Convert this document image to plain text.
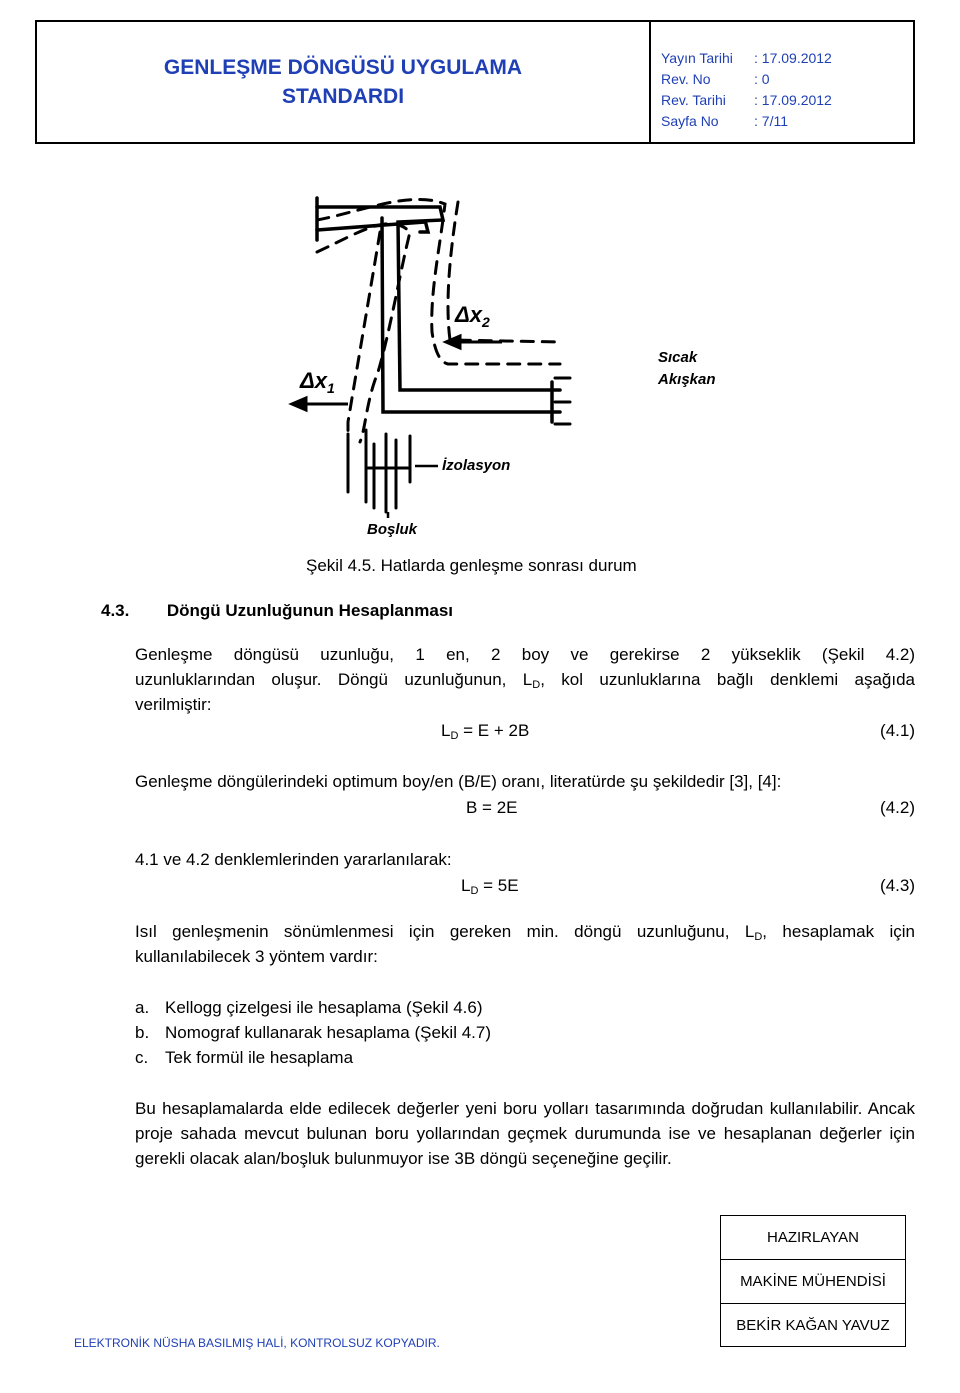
GENLEŞME DÖNGÜSÜ UYGULAMA STANDARDI
Yayın Tarihi	: 17.09.2012
Rev. No	: 0
Rev. Tarihi	: 17.09.2012
Sayfa No	: 7/11
$\Delta x_1$
$\Delta x_2$
Sıcak
Akışkan
İzolasyon
Boşluk
Şekil 4.5. Hatlarda genleşme sonrası durum
4.3. Döngü Uzunluğunun Hesaplanması
Genleşme döngüsü uzunluğu, 1 en, 2 boy ve gerekirse 2 yükseklik (Şekil 4.2)
uzunluklarından oluşur. Döngü uzunluğunun, $L_D$, kol uzunluklarına bağlı denklemi aşağıda
verilmiştir:
$L_D = E + 2B$	(4.1)
Genleşme döngülerindeki optimum boy/en (B/E) oranı, literatürde şu şekildedir [3], [4]:
B = 2E	(4.2)
4.1 ve 4.2 denklemlerinden yararlanılarak:
$L_D = 5E$	(4.3)
Isıl genleşmenin sönümlenmesi için gereken min. döngü uzunluğunu, $L_D$, hesaplamak için
kullanılabilecek 3 yöntem vardır:
a. Kellogg çizelgesi ile hesaplama (Şekil 4.6)
b. Nomograf kullanarak hesaplama (Şekil 4.7)
c. Tek formül ile hesaplama
Bu hesaplamalarda elde edilecek değerler yeni boru yolları tasarımında doğrudan kullanılabilir. Ancak proje sahada mevcut bulunan boru yollarından geçmek durumunda ise ve hesaplanan değerler için gerekli olacak alan/boşluk bulunmuyor ise 3B döngü seçeneğine geçilir.
HAZIRLAYAN
MAKİNE MÜHENDİSİ
BEKİR KAĞAN YAVUZ
ELEKTRONİK NÜSHA BASILMIŞ HALİ, KONTROLSUZ KOPYADIR.
